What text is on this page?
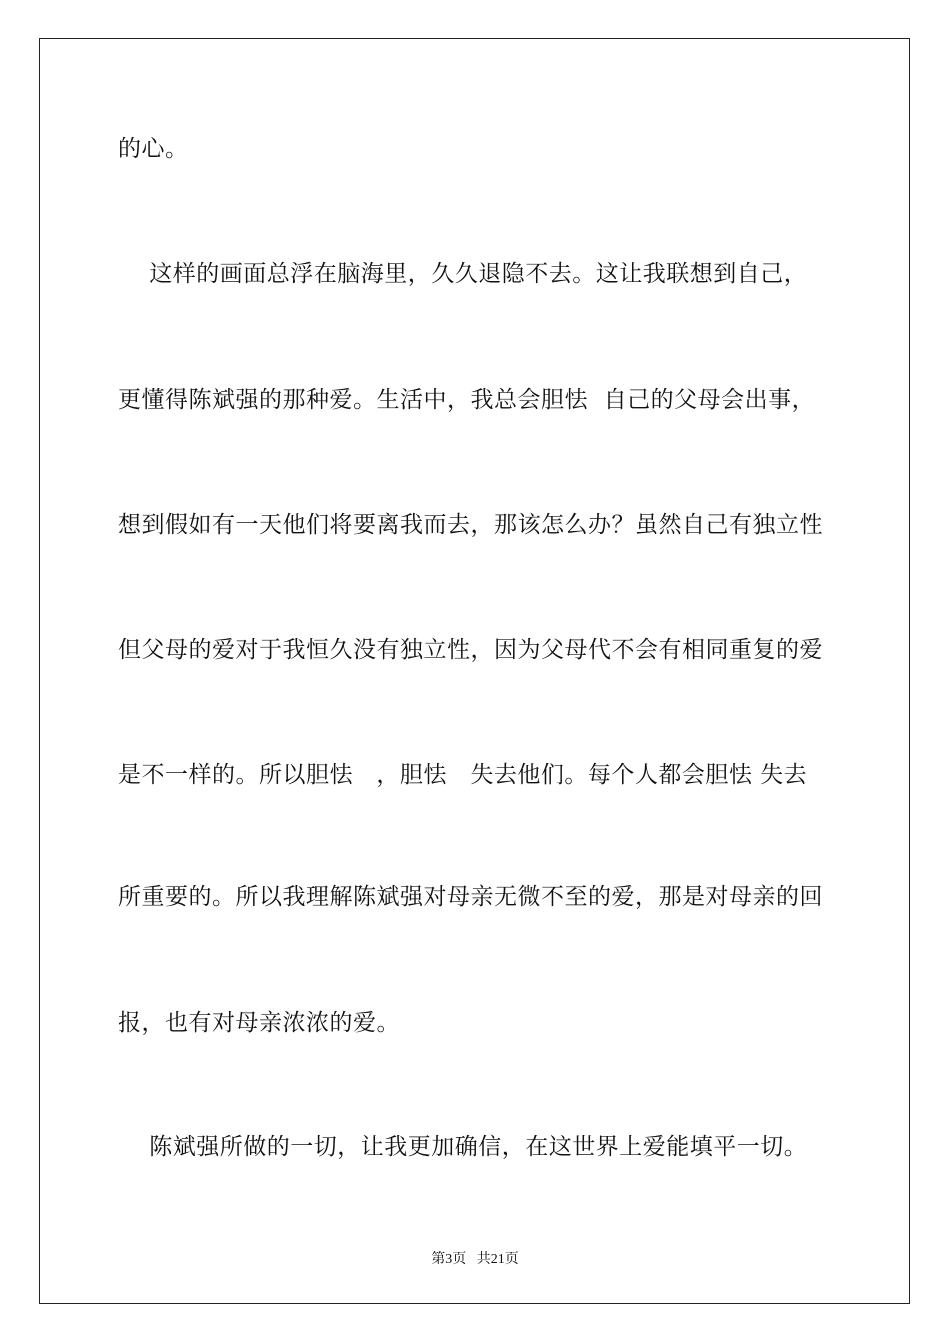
的心。

这样的画面总浮在脑海里，久久退隐不去。这让我联想到自己，

更懂得陈斌强的那种爱。生活中，我总会胆怯  自己的父母会出事，

想到假如有一天他们将要离我而去，那该怎么办？虽然自己有独立性

但父母的爱对于我恒久没有独立性，因为父母代不会有相同重复的爱

是不一样的。所以胆怯   ，胆怯   失去他们。每个人都会胆怯 失去

所重要的。所以我理解陈斌强对母亲无微不至的爱，那是对母亲的回

报，也有对母亲浓浓的爱。

陈斌强所做的一切，让我更加确信，在这世界上爱能填平一切。

第3页   共21页
